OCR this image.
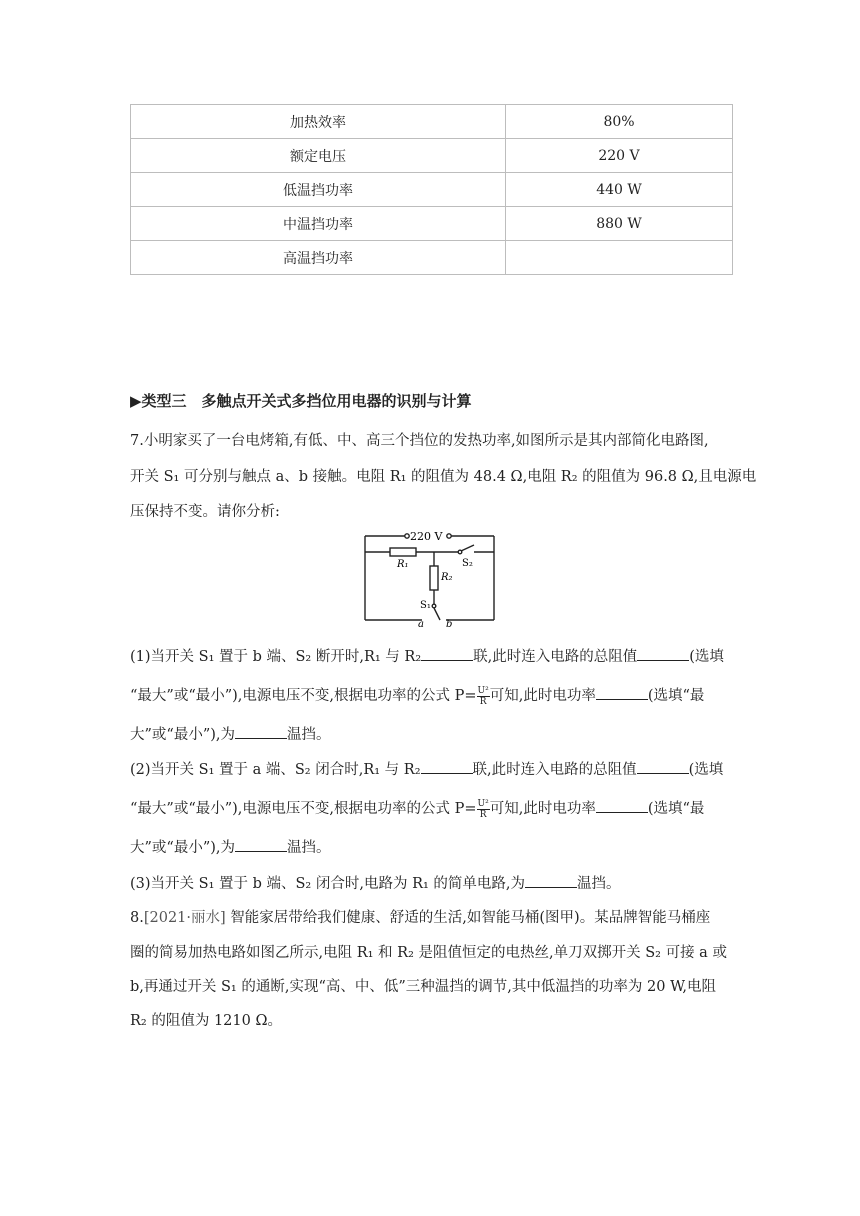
加热效率	80%
额定电压	220 V
低温挡功率	440 W
中温挡功率	880 W
高温挡功率	
▶类型三　多触点开关式多挡位用电器的识别与计算
7.小明家买了一台电烤箱,有低、中、高三个挡位的发热功率,如图所示是其内部简化电路图,
开关 S₁ 可分别与触点 a、b 接触。电阻 R₁ 的阻值为 48.4 Ω,电阻 R₂ 的阻值为 96.8 Ω,且电源电
压保持不变。请你分析:
220 V
R₁
R₂
S₂
S₁
a b
(1)当开关 S₁ 置于 b 端、S₂ 断开时,R₁ 与 R₂	联,此时连入电路的总阻值	(选填
“最大”或“最小”),电源电压不变,根据电功率的公式 $P= \frac{\text{U²}}{R}$ 可知,此时电功率	(选填“最
大”或“最小”),为	温挡。
(2)当开关 S₁ 置于 a 端、S₂ 闭合时,R₁ 与 R₂	联,此时连入电路的总阻值	(选填
“最大”或“最小”),电源电压不变,根据电功率的公式 $P= \frac{\text{U²}}{R}$ 可知,此时电功率	(选填“最
大”或“最小”),为	温挡。
(3)当开关 S₁ 置于 b 端、S₂ 闭合时,电路为 R₁ 的简单电路,为	温挡。
8.[2021·丽水] 智能家居带给我们健康、舒适的生活,如智能马桶(图甲)。某品牌智能马桶座
圈的简易加热电路如图乙所示,电阻 R₁ 和 R₂ 是阻值恒定的电热丝,单刀双掷开关 S₂ 可接 a 或
b,再通过开关 S₁ 的通断,实现“高、中、低”三种温挡的调节,其中低温挡的功率为 20 W,电阻
R₂ 的阻值为 1210 Ω。
